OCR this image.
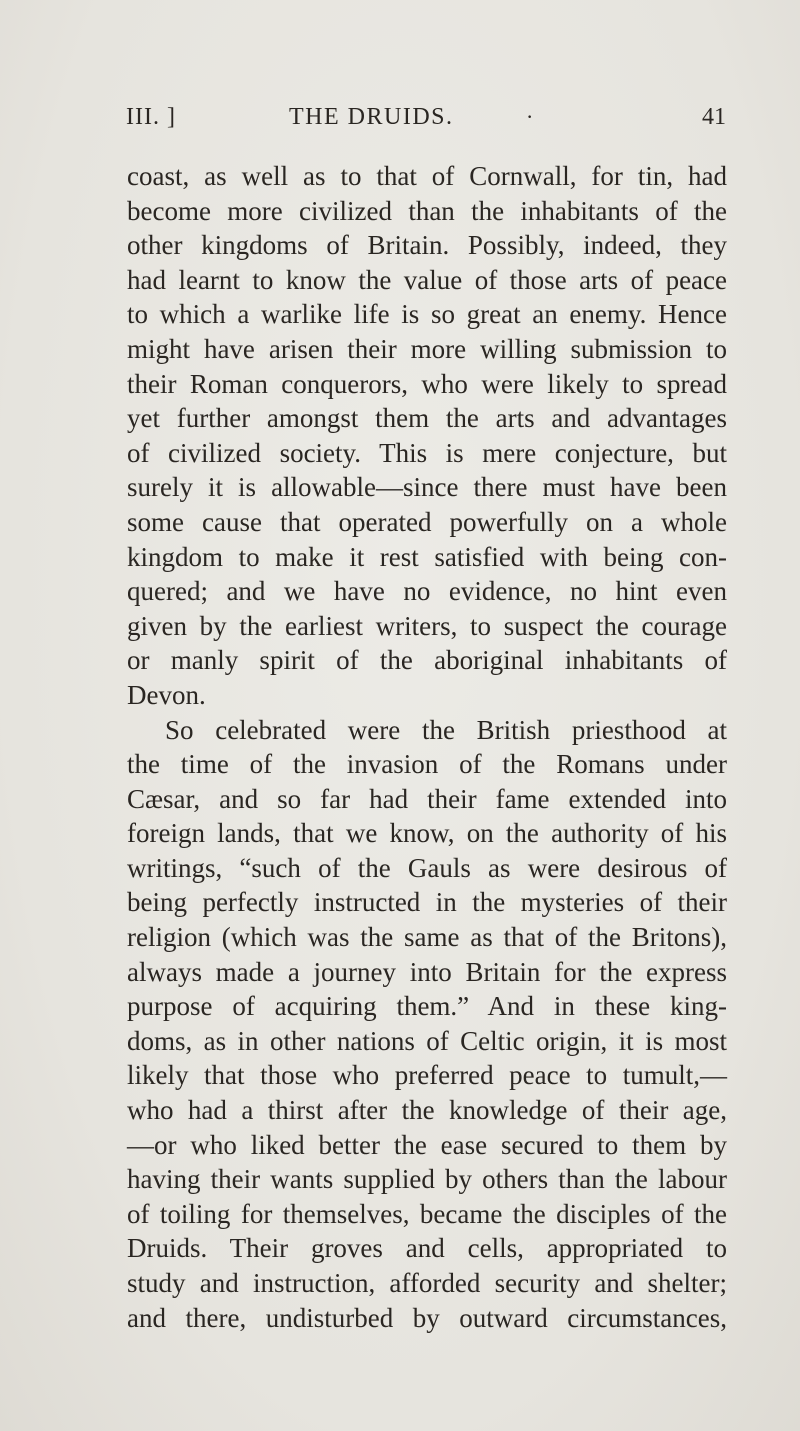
III. ]	THE DRUIDS.	·	41
coast, as well as to that of Cornwall, for tin, had
become more civilized than the inhabitants of the
other kingdoms of Britain. Possibly, indeed, they
had learnt to know the value of those arts of peace
to which a warlike life is so great an enemy. Hence
might have arisen their more willing submission to
their Roman conquerors, who were likely to spread
yet further amongst them the arts and advantages
of civilized society. This is mere conjecture, but
surely it is allowable—since there must have been
some cause that operated powerfully on a whole
kingdom to make it rest satisfied with being con-
quered; and we have no evidence, no hint even
given by the earliest writers, to suspect the courage
or manly spirit of the aboriginal inhabitants of
Devon.
So celebrated were the British priesthood at
the time of the invasion of the Romans under
Cæsar, and so far had their fame extended into
foreign lands, that we know, on the authority of his
writings, “such of the Gauls as were desirous of
being perfectly instructed in the mysteries of their
religion (which was the same as that of the Britons),
always made a journey into Britain for the express
purpose of acquiring them.” And in these king-
doms, as in other nations of Celtic origin, it is most
likely that those who preferred peace to tumult,—
who had a thirst after the knowledge of their age,
—or who liked better the ease secured to them by
having their wants supplied by others than the labour
of toiling for themselves, became the disciples of the
Druids. Their groves and cells, appropriated to
study and instruction, afforded security and shelter;
and there, undisturbed by outward circumstances,
